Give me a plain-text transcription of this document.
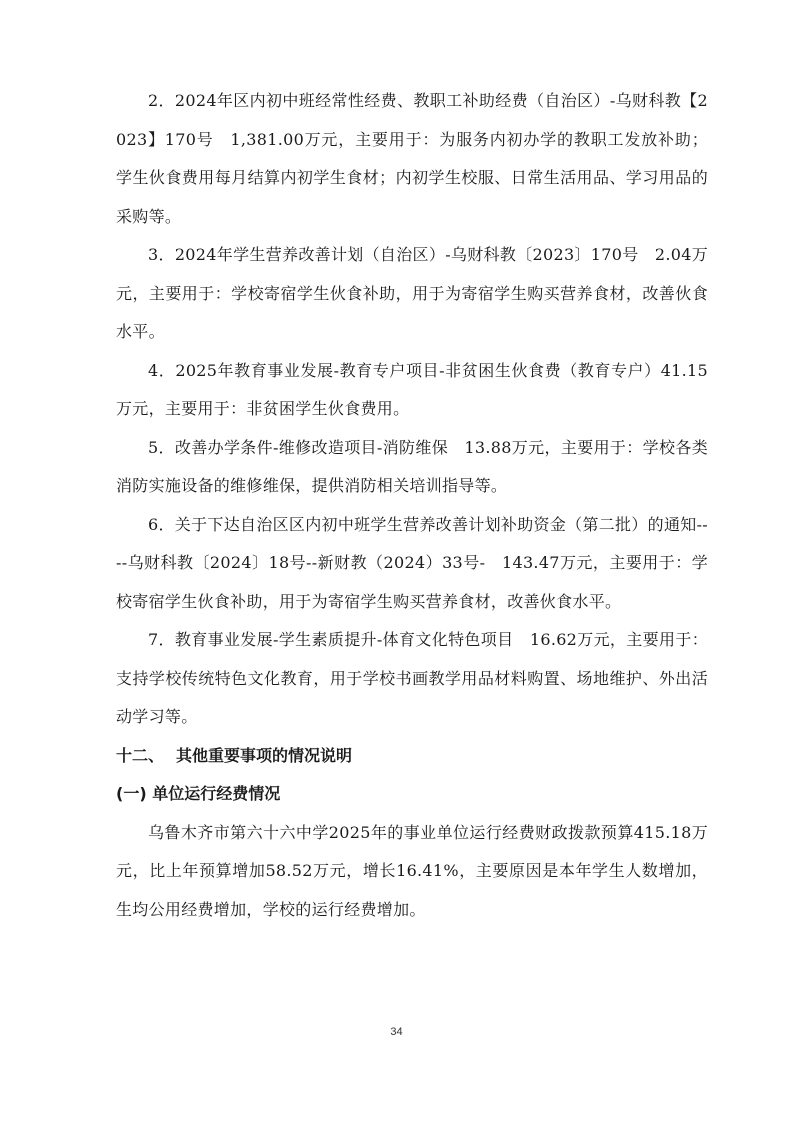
2．2024年区内初中班经常性经费、教职工补助经费（自治区）-乌财科教【2023】170号　1,381.00万元，主要用于：为服务内初办学的教职工发放补助；学生伙食费用每月结算内初学生食材；内初学生校服、日常生活用品、学习用品的采购等。

3．2024年学生营养改善计划（自治区）-乌财科教〔2023〕170号　2.04万元，主要用于：学校寄宿学生伙食补助，用于为寄宿学生购买营养食材，改善伙食水平。

4．2025年教育事业发展-教育专户项目-非贫困生伙食费（教育专户）41.15万元，主要用于：非贫困学生伙食费用。

5．改善办学条件-维修改造项目-消防维保　13.88万元，主要用于：学校各类消防实施设备的维修维保，提供消防相关培训指导等。

6．关于下达自治区区内初中班学生营养改善计划补助资金（第二批）的通知----乌财科教〔2024〕18号--新财教（2024）33号-　143.47万元，主要用于：学校寄宿学生伙食补助，用于为寄宿学生购买营养食材，改善伙食水平。

7．教育事业发展-学生素质提升-体育文化特色项目　16.62万元，主要用于：支持学校传统特色文化教育，用于学校书画教学用品材料购置、场地维护、外出活动学习等。

十二、 其他重要事项的情况说明

(一) 单位运行经费情况

乌鲁木齐市第六十六中学2025年的事业单位运行经费财政拨款预算415.18万元，比上年预算增加58.52万元，增长16.41%，主要原因是本年学生人数增加，生均公用经费增加，学校的运行经费增加。

34
